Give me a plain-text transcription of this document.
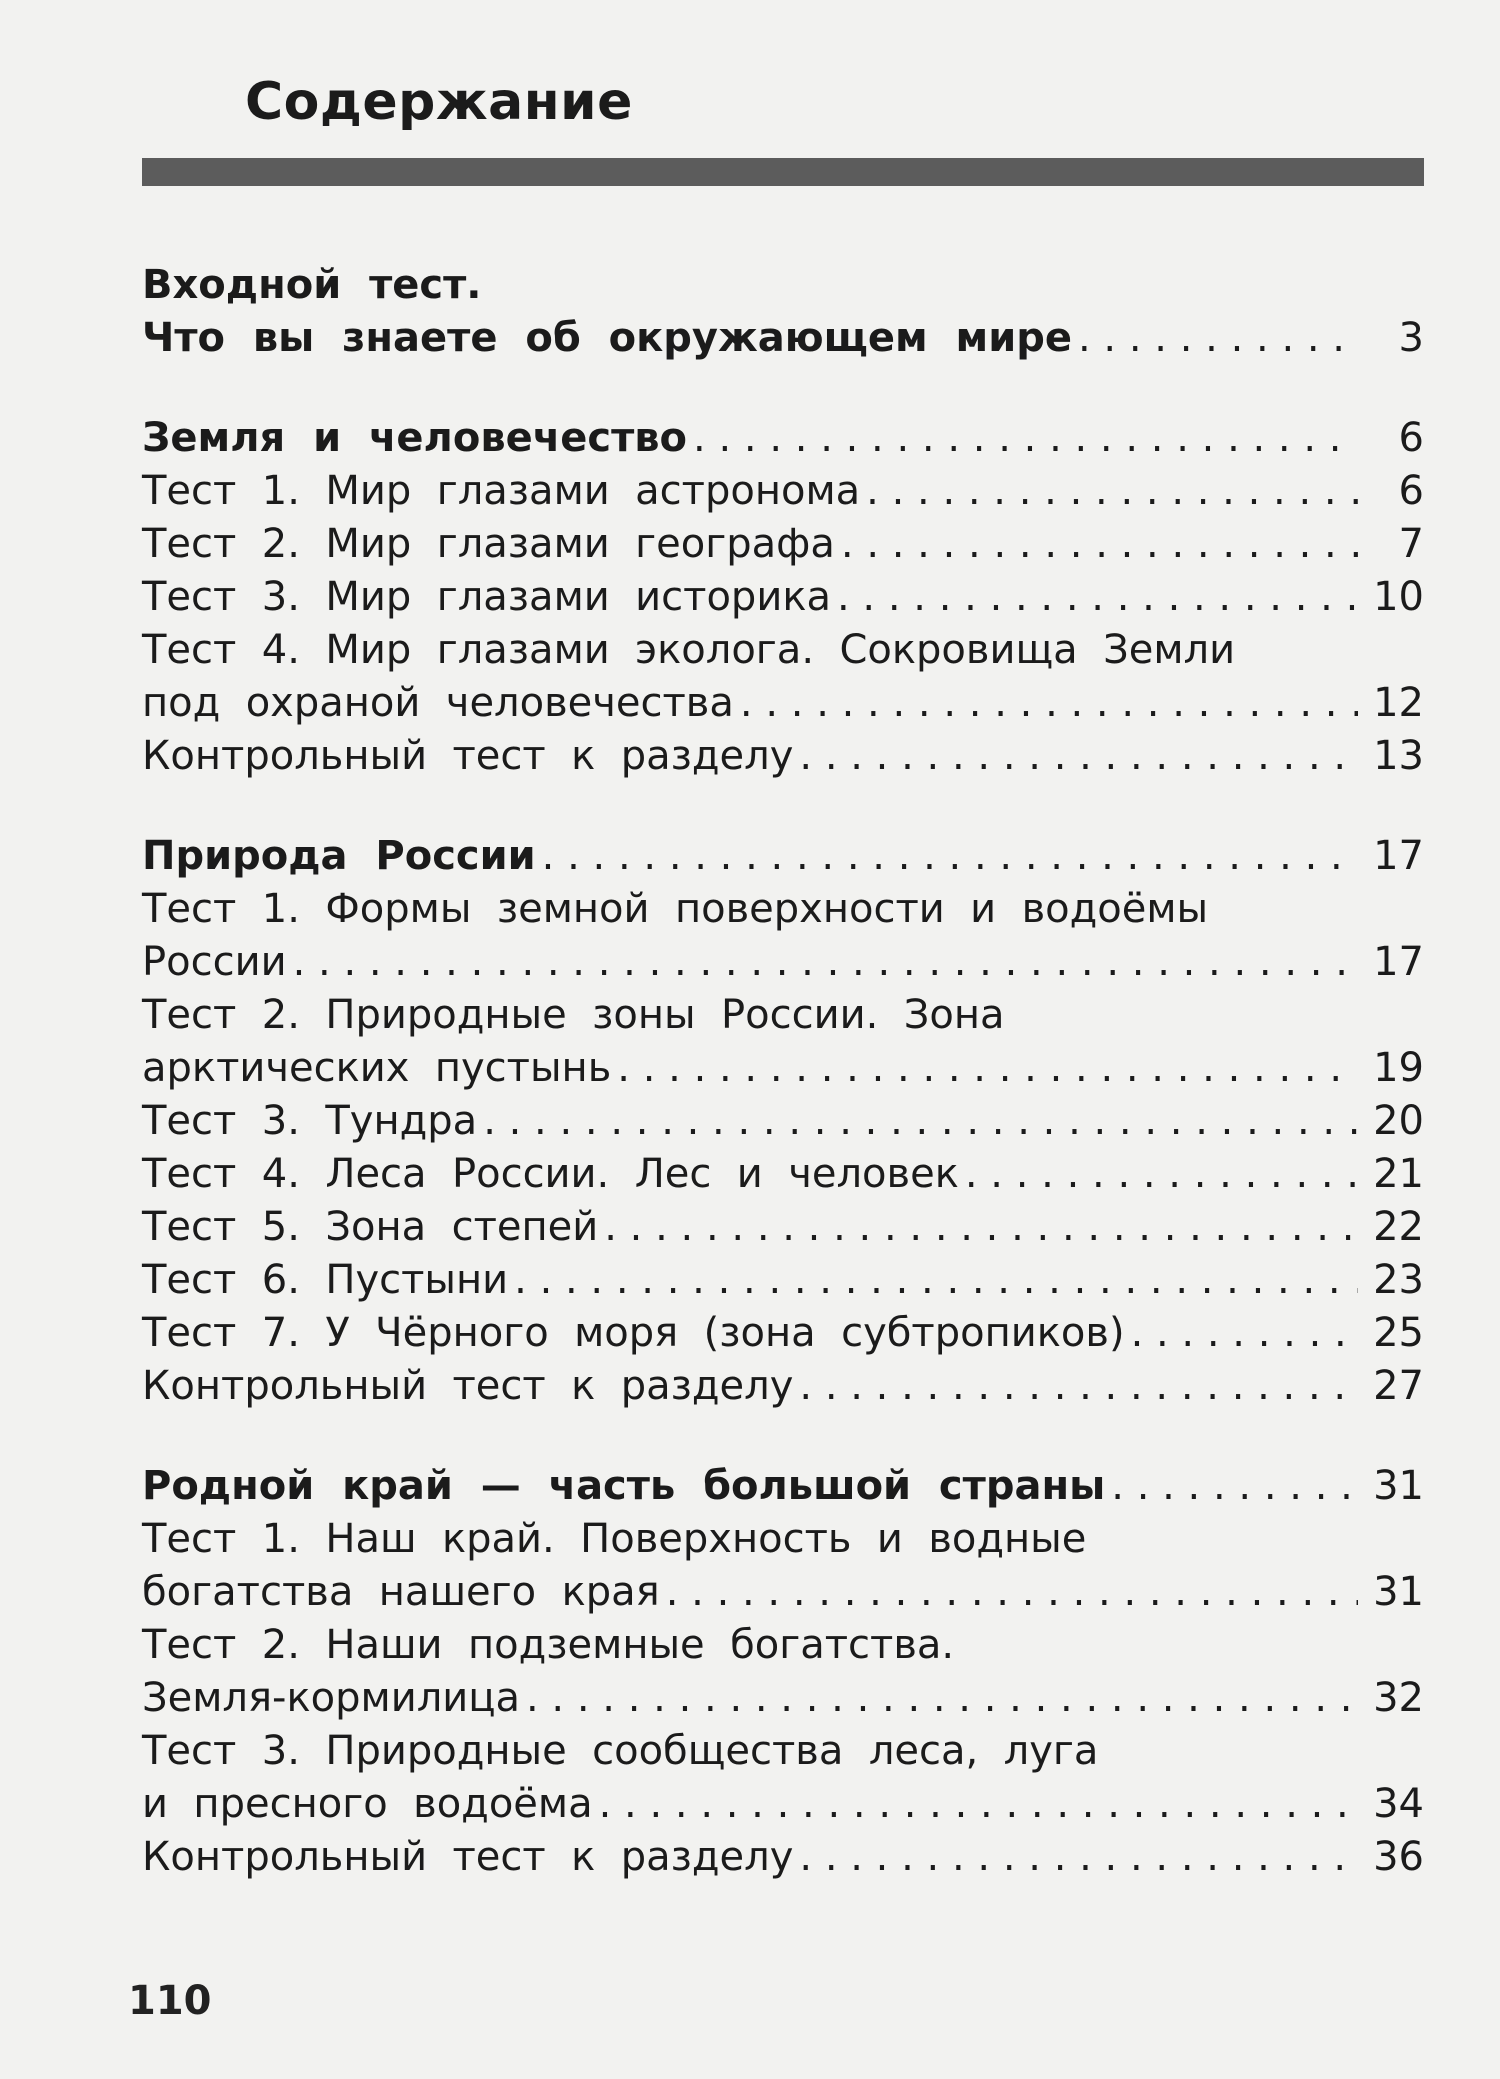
Содержание
Входной  тест.
Что  вы  знаете  об  окружающем  мире . . .	3
Земля  и  человечество . . .	6
Тест  1.  Мир  глазами  астронома . . .	6
Тест  2.  Мир  глазами  географа . . .	7
Тест  3.  Мир  глазами  историка . . .	10
Тест  4.  Мир  глазами  эколога.  Сокровища  Земли
под  охраной  человечества . . .	12
Контрольный  тест  к  разделу . . .	13
Природа  России . . .	17
Тест  1.  Формы  земной  поверхности  и  водоёмы
России . . .	17
Тест  2.  Природные  зоны  России.  Зона
арктических  пустынь . . .	19
Тест  3.  Тундра . . .	20
Тест  4.  Леса  России.  Лес  и  человек . . .	21
Тест  5.  Зона  степей . . .	22
Тест  6.  Пустыни . . .	23
Тест  7.  У  Чёрного  моря  (зона  субтропиков) . . .	25
Контрольный  тест  к  разделу . . .	27
Родной  край  —  часть  большой  страны . . .	31
Тест  1.  Наш  край.  Поверхность  и  водные
богатства  нашего  края . . .	31
Тест  2.  Наши  подземные  богатства.
Земля-кормилица . . .	32
Тест  3.  Природные  сообщества  леса,  луга
и  пресного  водоёма . . .	34
Контрольный  тест  к  разделу . . .	36
110
